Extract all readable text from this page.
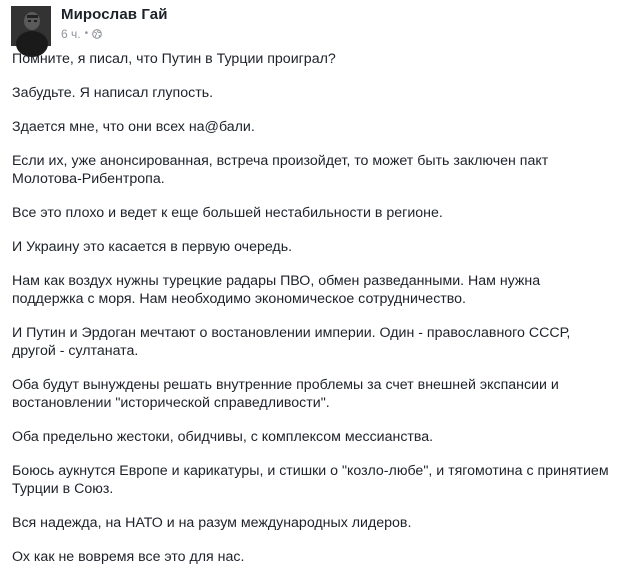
Мирослав Гай
6 ч. •

Помните, я писал, что Путин в Турции проиграл?

Забудьте. Я написал глупость.

Здается мне, что они всех на@бали.

Если их, уже анонсированная, встреча произойдет, то может быть заключен пакт Молотова-Рибентропа.

Все это плохо и ведет к еще большей нестабильности в регионе.

И Украину это касается в первую очередь.

Нам как воздух нужны турецкие радары ПВО, обмен разведанными. Нам нужна поддержка с моря. Нам необходимо экономическое сотрудничество.

И Путин и Эрдоган мечтают о востановлении империи. Один - православного СССР, другой - султаната.

Оба будут вынуждены решать внутренние проблемы за счет внешней экспансии и востановлении "исторической справедливости".

Оба предельно жестоки, обидчивы, с комплексом мессианства.

Боюсь аукнутся Европе и карикатуры, и стишки о "козло-любе", и тягомотина с принятием Турции в Союз.

Вся надежда, на НАТО и на разум международных лидеров.

Ох как не вовремя все это для нас.
